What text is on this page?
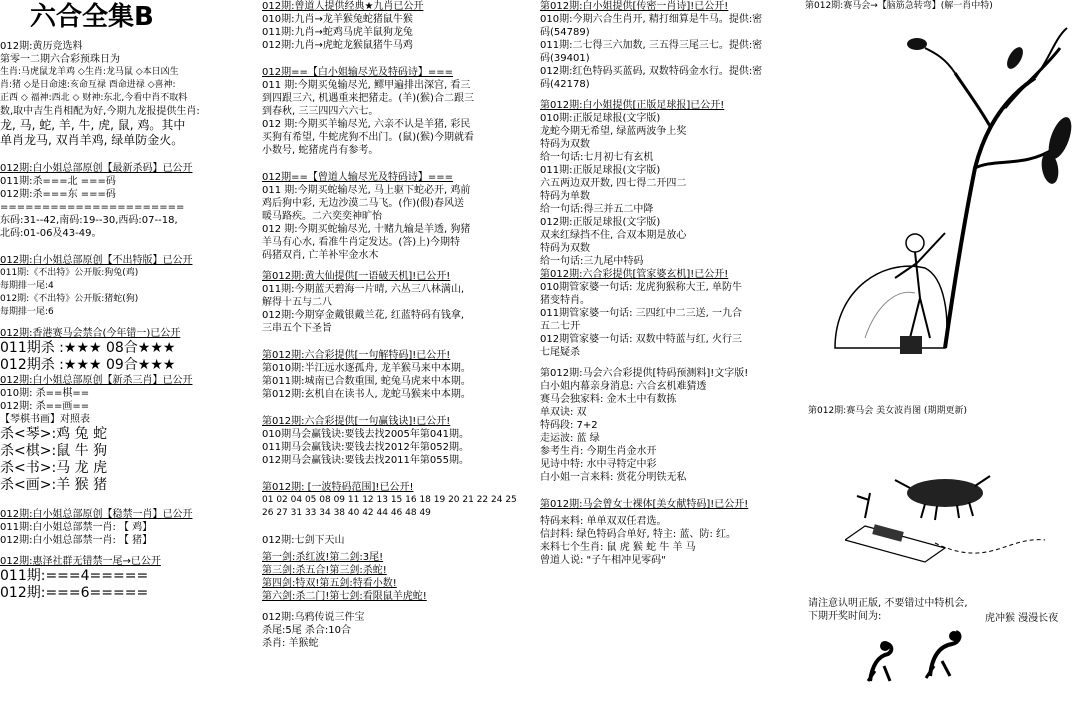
六合全集B
012期:黄历竞选料
第零一二期六合彩预珠日为
生肖:马虎鼠龙羊鸡 ◇生肖:龙马鼠 ◇本日凶生
肖:猪 ◇是日命速:亥命互禄 酉命进禄 ◇喜神:
正西 ◇ 福神:西北 ◇ 财神:东北,今看中肖不取料
数,取中吉生肖相配为好,今期九龙报提供生肖:
龙, 马, 蛇, 羊, 牛, 虎, 鼠, 鸡。其中
单肖龙马, 双肖羊鸡, 绿单防金火。
012期:白小姐总部原创【最新杀码】已公开
011期:杀===北 ===码
012期:杀===东 ===码
======================
东码:31--42,南码:19--30,西码:07--18,
北码:01-06及43-49。
012期:白小姐总部原创【不出特版】已公开
011期:《不出特》公开版:狗兔(鸡)
每期排一尾:4
012期:《不出特》公开版:猪蛇(狗)
每期排一尾:6
012期:香港赛马会禁合(今年错一)已公开
011期杀 :★★★ 08合★★★
012期杀 :★★★ 09合★★★
012期:白小姐总部原创【新杀三肖】已公开
010期: 杀==棋==
012期: 杀==画==
【琴棋书画】对照表
杀<琴>:鸡 兔 蛇
杀<棋>:鼠 牛 狗
杀<书>:马 龙 虎
杀<画>:羊 猴 猪
012期:白小姐总部原创【稳禁一肖】已公开
011期:白小姐总部禁一肖: 【 鸡】
012期:白小姐总部禁一肖: 【 猪】
012期:惠泽社群无错禁一尾→已公开
011期:===4=====
012期:===6=====
012期:曾道人提供经典★九肖已公开
010期:九肖→龙羊猴兔蛇猪鼠牛猴
011期:九肖→蛇鸡马虎羊鼠狗龙兔
012期:九肖→虎蛇龙猴鼠猪牛马鸡
012期==【白小姐输尽光及特码诗】===
011 期:今期买兔输尽光, 鳏甲遍排出深宫, 看三
到四跟三六, 机遇重来把猪走。(羊)(猴)合二跟三
到春秋, 三三四四六六七。
012 期:今期买羊输尽光, 六亲不认是羊猪, 彩民
买狗有希望, 牛蛇虎狗不出门。(鼠)(猴)今期就看
小数号, 蛇猪虎肖有参考。
012期==【曾道人输尽光及特码诗】===
011 期:今期买蛇输尽光, 马上驱下蛇必开, 鸡前
鸡后狗中彩, 无边沙漠二马飞。(作)(假)春风送
暖马路疾。二六奕奕神旷怡
012 期:今期买蛇输尽光, 十赌九输是羊透, 狗猪
羊马有心水, 看准牛肖定发达。(答)上)今期特
码猪双肖, 亡羊补牢金水木
第012期:黄大仙提供[一语破天机]!已公开!
011期:今期蓝天碧海一片晴, 六丛三八林满山,
解得十五与二八
012期:今期穿金戴银戴兰花, 红蓝特码有钱拿,
三串五个下圣旨
第012期:六合彩提供[一句解特码]!已公开!
第010期:半江远水逐孤舟, 龙羊猴马来中本期。
第011期:城南已合数重围, 蛇兔马虎来中本期。
第012期:玄机自在读书人, 龙蛇马猴来中本期。
第012期:六合彩提供[一句赢钱诀]!已公开!
010期马会赢钱诀:要钱去找2005年第041期。
011期马会赢钱诀:要钱去找2012年第052期。
012期马会赢钱诀:要钱去找2011年第055期。
第012期: [一波特码范围]!已公开!
01 02 04 05 08 09 11 12 13 15 16 18 19 20 21 22 24 25
26 27 31 33 34 38 40 42 44 46 48 49
012期:七剑下天山
第一剑:杀红波!第二剑:3尾!
第三剑:杀五合!第三剑:杀蛇!
第四剑:特双!第五剑:特看小数!
第六剑:杀二门!第七剑:看限鼠羊虎蛇!
012期:乌鸦传说三件宝
杀尾:5尾 杀合:10合
杀肖: 羊猴蛇
第012期:白小姐提供[传密一肖诗]!已公开!
010期:今期六合生肖开, 精打细算是牛马。提供:密
码(54789)
011期:二七得三六加数, 三五得三尾三七。提供:密
码(39401)
012期:红色特码买蓝码, 双数特码金水行。提供:密
码(42178)
第012期:白小姐提供[正版足球报]已公开!
010期:正版足球报(文字版)
龙蛇今期无希望, 绿蓝两波争上奖
特码为双数
给一句话:七月初七有玄机
011期:正版足球报(文字版)
六五两边双开数, 四七得二开四二
特码为单数
给一句话:得三并五二中降
012期:正版足球报(文字版)
双来红绿挡不住, 合双本期是放心
特码为双数
给一句话:三九尾中特码
第012期:六合彩提供[管家婆玄机]!已公开!
010期管家婆一句话: 龙虎狗猴称大王, 单防牛
猪变特肖。
011期管家婆一句话: 三四红中二三送, 一九合
五二七开
012期管家婆一句话: 双数中特蓝与红, 火行三
七尾疑杀
第012期:马会六合彩提供[特码预测料]!文字版!
白小姐内幕亲身消息: 六合玄机难猜透
赛马会独家料: 金木土中有数拣
单双诀: 双
特码段: 7+2
走运波: 蓝 绿
参考生肖: 今期生肖金水开
见诗中特: 水中寻特定中彩
白小姐一言来料: 赏花分明铁无私
第012期:马会曾女士裸体[美女献特码]!已公开!
特码来料: 单单双双任君选。
信封料: 绿色特码合单好, 特主: 蓝、防: 红。
来料七个生肖: 鼠 虎 猴 蛇 牛 羊 马
曾道人说: "子午相冲见零码"
第012期:赛马会→【脑筋急转弯】(解一肖中特)
第012期:赛马会 美女波肖图 (期期更新)
请注意认明正版, 不要错过中特机会,
下期开奖时间为:	虎冲猴 漫漫长夜
